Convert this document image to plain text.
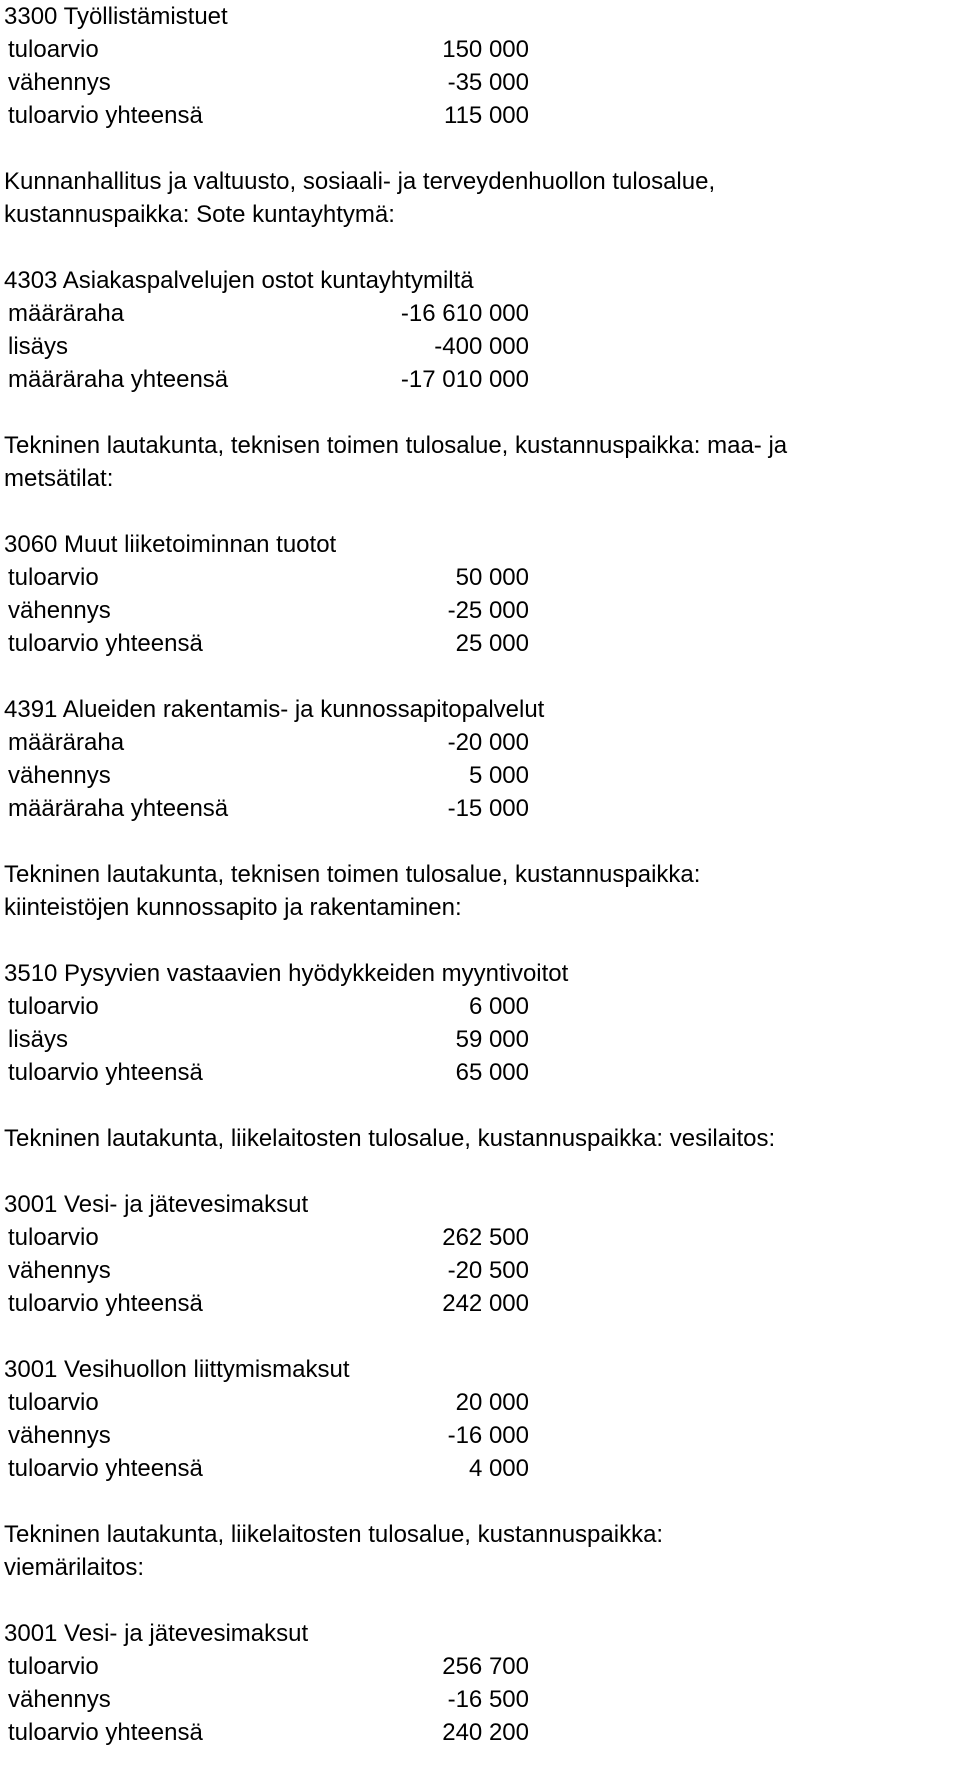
3300 Työllistämistuet
tuloarvio	150 000
vähennys	-35 000
tuloarvio yhteensä	115 000
Kunnanhallitus ja valtuusto, sosiaali- ja terveydenhuollon tulosalue,
kustannuspaikka: Sote kuntayhtymä:
4303 Asiakaspalvelujen ostot kuntayhtymiltä
määräraha	-16 610 000
lisäys	-400 000
määräraha yhteensä	-17 010 000
Tekninen lautakunta, teknisen toimen tulosalue, kustannuspaikka: maa- ja
metsätilat:
3060 Muut liiketoiminnan tuotot
tuloarvio	50 000
vähennys	-25 000
tuloarvio yhteensä	25 000
4391 Alueiden rakentamis- ja kunnossapitopalvelut
määräraha	-20 000
vähennys	5 000
määräraha yhteensä	-15 000
Tekninen lautakunta, teknisen toimen tulosalue, kustannuspaikka:
kiinteistöjen kunnossapito ja rakentaminen:
3510 Pysyvien vastaavien hyödykkeiden myyntivoitot
tuloarvio	6 000
lisäys	59 000
tuloarvio yhteensä	65 000
Tekninen lautakunta, liikelaitosten tulosalue, kustannuspaikka: vesilaitos:
3001 Vesi- ja jätevesimaksut
tuloarvio	262 500
vähennys	-20 500
tuloarvio yhteensä	242 000
3001 Vesihuollon liittymismaksut
tuloarvio	20 000
vähennys	-16 000
tuloarvio yhteensä	4 000
Tekninen lautakunta, liikelaitosten tulosalue, kustannuspaikka:
viemärilaitos:
3001 Vesi- ja jätevesimaksut
tuloarvio	256 700
vähennys	-16 500
tuloarvio yhteensä	240 200
